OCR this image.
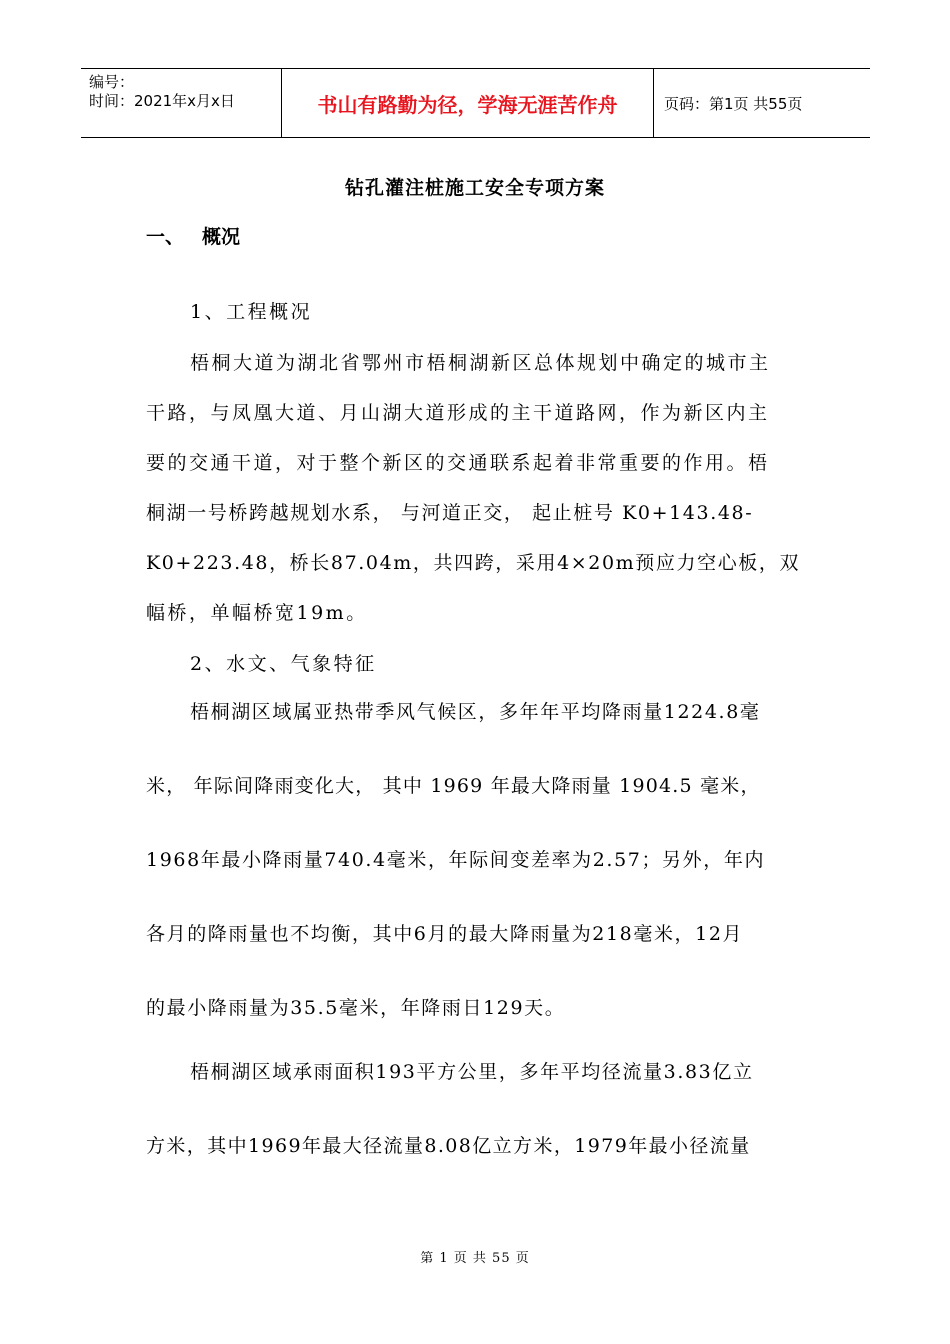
编号：
时间：2021年x月x日	书山有路勤为径，学海无涯苦作舟	页码：第1页 共55页
钻孔灌注桩施工安全专项方案
一、 概况
1、工程概况
梧桐大道为湖北省鄂州市梧桐湖新区总体规划中确定的城市主
干路，与凤凰大道、月山湖大道形成的主干道路网，作为新区内主
要的交通干道，对于整个新区的交通联系起着非常重要的作用。梧
桐湖一号桥跨越规划水系， 与河道正交， 起止桩号 K0+143.48-
K0+223.48，桥长87.04m，共四跨，采用4×20m预应力空心板，双
幅桥，单幅桥宽19m。
2、水文、气象特征
梧桐湖区域属亚热带季风气候区，多年年平均降雨量1224.8毫
米， 年际间降雨变化大， 其中 1969 年最大降雨量 1904.5 毫米，
1968年最小降雨量740.4毫米，年际间变差率为2.57；另外，年内
各月的降雨量也不均衡，其中6月的最大降雨量为218毫米，12月
的最小降雨量为35.5毫米，年降雨日129天。
梧桐湖区域承雨面积193平方公里，多年平均径流量3.83亿立
方米，其中1969年最大径流量8.08亿立方米，1979年最小径流量
第 1 页 共 55 页
